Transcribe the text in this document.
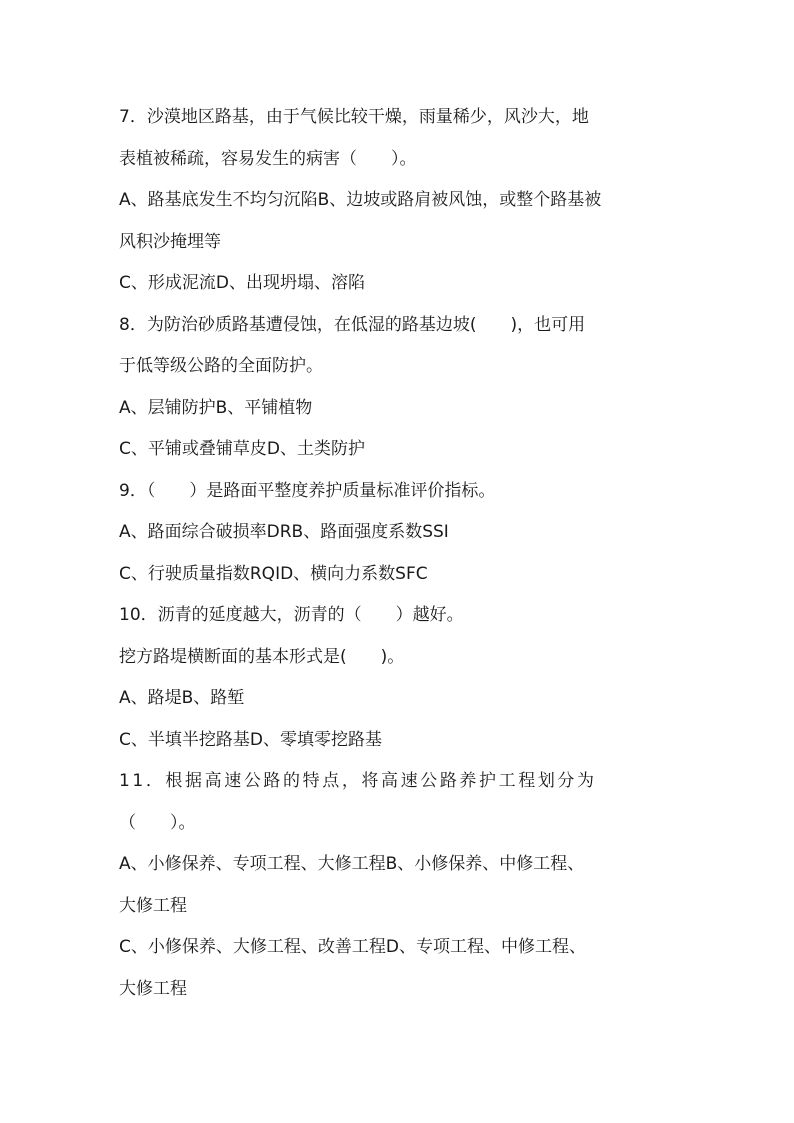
7．沙漠地区路基，由于气候比较干燥，雨量稀少，风沙大，地
表植被稀疏，容易发生的病害（　　）。
A、路基底发生不均匀沉陷B、边坡或路肩被风蚀，或整个路基被
风积沙掩埋等
C、形成泥流D、出现坍塌、溶陷
8．为防治砂质路基遭侵蚀，在低湿的路基边坡(　　)，也可用
于低等级公路的全面防护。
A、层铺防护B、平铺植物
C、平铺或叠铺草皮D、土类防护
9．（　　）是路面平整度养护质量标准评价指标。
A、路面综合破损率DRB、路面强度系数SSI
C、行驶质量指数RQID、横向力系数SFC
10．沥青的延度越大，沥青的（　　）越好。
挖方路堤横断面的基本形式是(　　)。
A、路堤B、路堑
C、半填半挖路基D、零填零挖路基
11．根据高速公路的特点，将高速公路养护工程划分为
（　　）。
A、小修保养、专项工程、大修工程B、小修保养、中修工程、
大修工程
C、小修保养、大修工程、改善工程D、专项工程、中修工程、
大修工程
